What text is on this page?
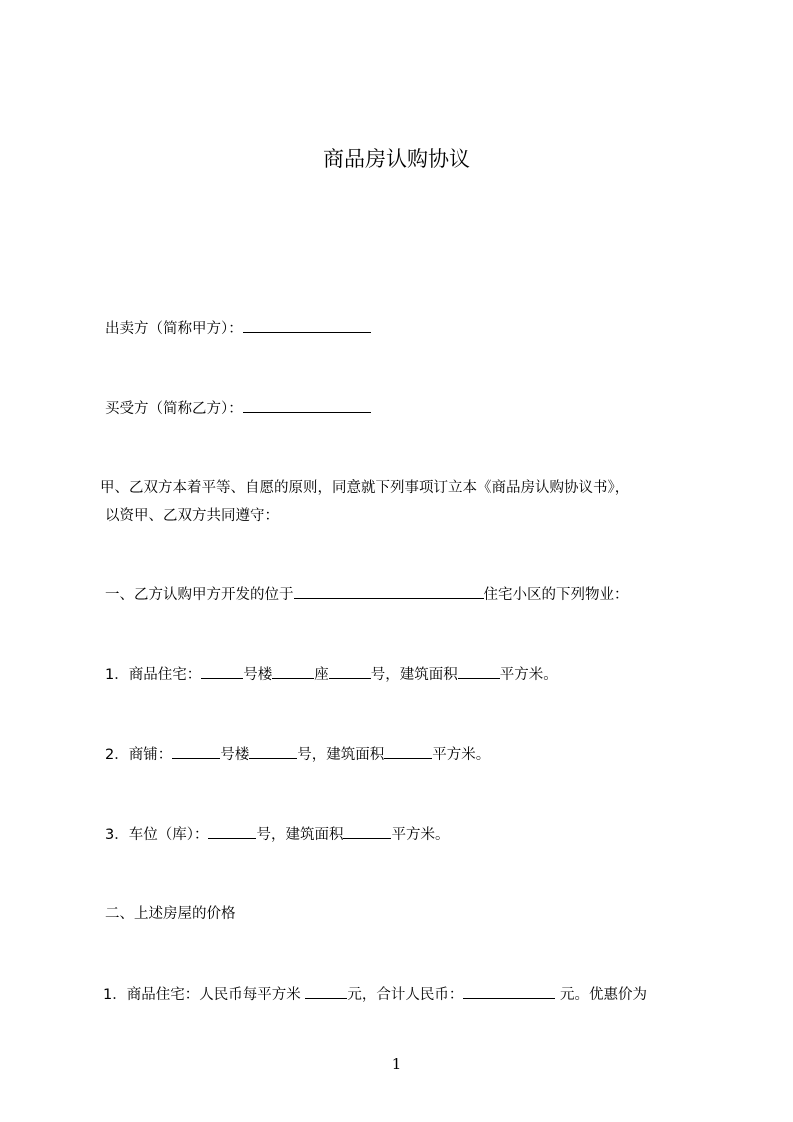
商品房认购协议
出卖方（简称甲方）：
买受方（简称乙方）：
甲、乙双方本着平等、自愿的原则，同意就下列事项订立本《商品房认购协议书》，
以资甲、乙双方共同遵守：
一、乙方认购甲方开发的位于	住宅小区的下列物业：
1．商品住宅：	号楼	座	号，建筑面积	平方米。
2．商铺：	号楼	号，建筑面积	平方米。
3．车位（库）：	号，建筑面积	平方米。
二、上述房屋的价格
1．商品住宅：人民币每平方米	元，合计人民币：	元。优惠价为
1
